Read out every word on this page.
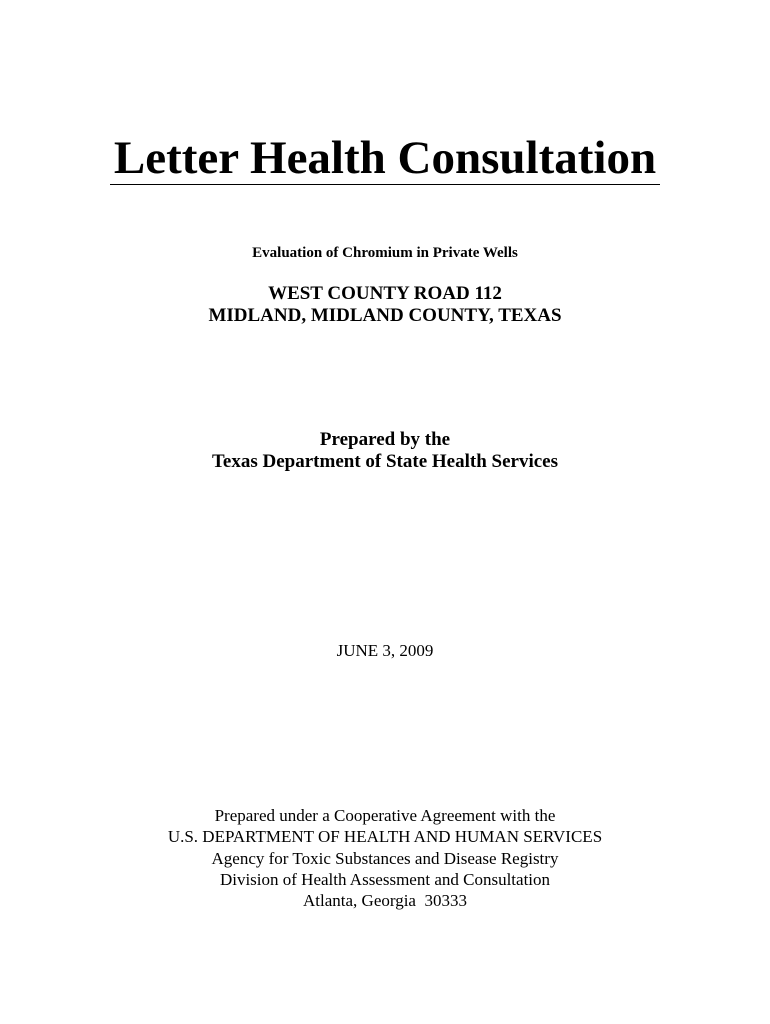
Letter Health Consultation
Evaluation of Chromium in Private Wells
WEST COUNTY ROAD 112
MIDLAND, MIDLAND COUNTY, TEXAS
Prepared by the
Texas Department of State Health Services
JUNE 3, 2009
Prepared under a Cooperative Agreement with the
U.S. DEPARTMENT OF HEALTH AND HUMAN SERVICES
Agency for Toxic Substances and Disease Registry
Division of Health Assessment and Consultation
Atlanta, Georgia  30333
